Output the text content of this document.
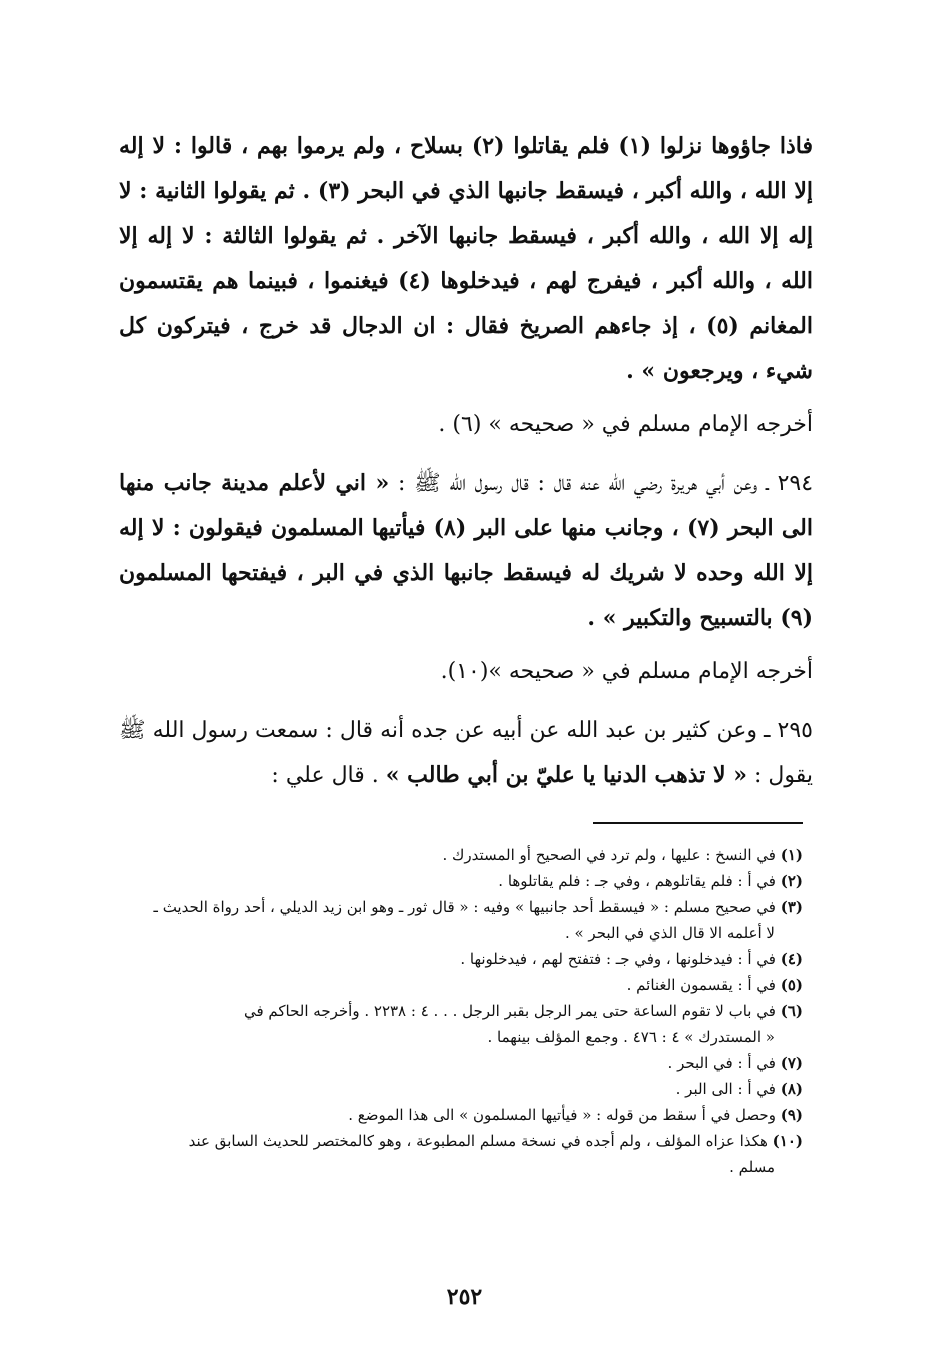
فاذا جاؤوها نزلوا (١) فلم يقاتلوا (٢) بسلاح ، ولم يرموا بهم ، قالوا : لا إله إلا الله ، والله أكبر ، فيسقط جانبها الذي في البحر (٣) . ثم يقولوا الثانية : لا إله إلا الله ، والله أكبر ، فيسقط جانبها الآخر . ثم يقولوا الثالثة : لا إله إلا الله ، والله أكبر ، فيفرج لهم ، فيدخلوها (٤) فيغنموا ، فبينما هم يقتسمون المغانم (٥) ، إذ جاءهم الصريخ فقال : ان الدجال قد خرج ، فيتركون كل شيء ، ويرجعون » .

أخرجه الإمام مسلم في « صحيحه » (٦) .

٢٩٤ ـ وعن أبي هريرة رضي الله عنه قال : قال رسول الله ﷺ : « اني لأعلم مدينة جانب منها الى البحر (٧) ، وجانب منها على البر (٨) فيأتيها المسلمون فيقولون : لا إله إلا الله وحده لا شريك له فيسقط جانبها الذي في البر ، فيفتحها المسلمون (٩) بالتسبيح والتكبير » .

أخرجه الإمام مسلم في « صحيحه »(١٠).

٢٩٥ ـ وعن كثير بن عبد الله عن أبيه عن جده أنه قال : سمعت رسول الله ﷺ يقول : « لا تذهب الدنيا يا عليّ بن أبي طالب » . قال علي :

(١) في النسخ : عليها ، ولم ترد في الصحيح أو المستدرك .
(٢) في أ : فلم يقاتلوهم ، وفي جـ : فلم يقاتلوها .
(٣) في صحيح مسلم : « فيسقط أحد جانبيها » وفيه : « قال ثور ـ وهو ابن زيد الديلي ، أحد رواة الحديث ـ
لا أعلمه الا قال الذي في البحر » .
(٤) في أ : فيدخلونها ، وفي جـ : فتفتح لهم ، فيدخلونها .
(٥) في أ : يقسمون الغنائم .
(٦) في باب لا تقوم الساعة حتى يمر الرجل بقبر الرجل . . . ٤ : ٢٢٣٨ . وأخرجه الحاكم في
« المستدرك » ٤ : ٤٧٦ . وجمع المؤلف بينهما .
(٧) في أ : في البحر .
(٨) في أ : الى البر .
(٩) وحصل في أ سقط من قوله : « فيأتيها المسلمون » الى هذا الموضع .
(١٠) هكذا عزاه المؤلف ، ولم أجده في نسخة مسلم المطبوعة ، وهو كالمختصر للحديث السابق عند
مسلم .
٢٥٢
